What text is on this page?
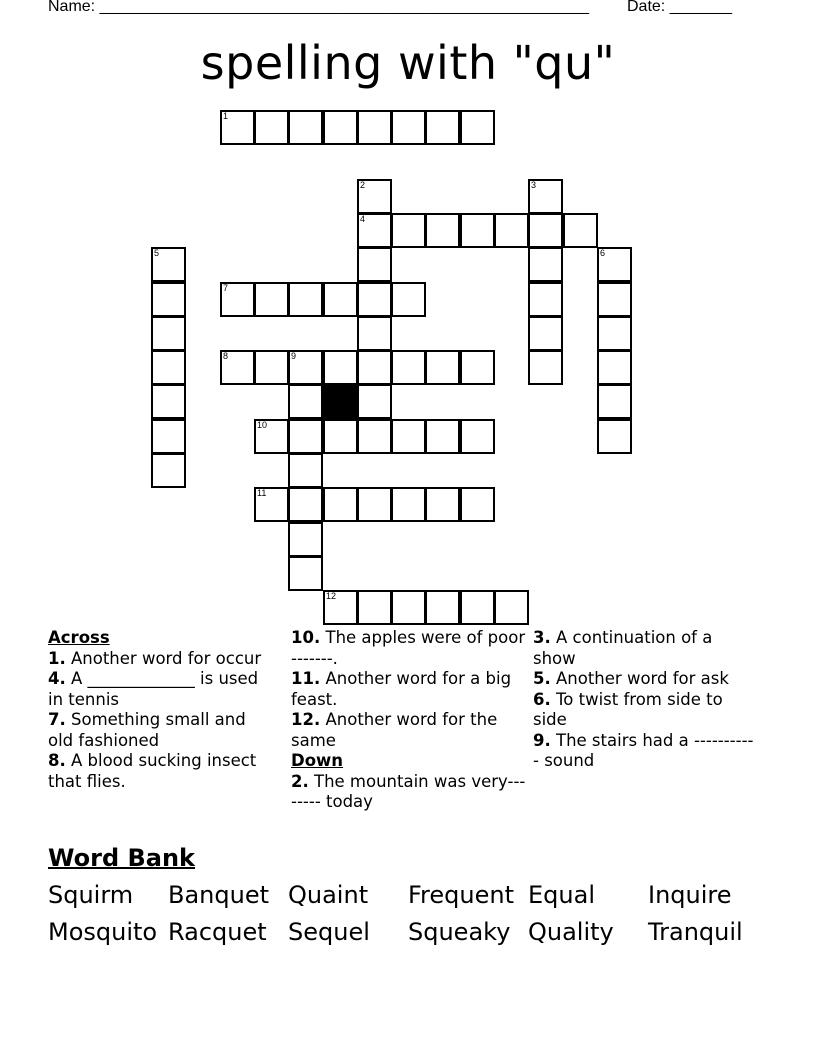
Name: _______________________________________________________ Date: _______
spelling with "qu"
1
2	3
4
5	6
7
8	9
10
11
12
Across

1. Another word for occur

4. A _____________ is used in tennis

7. Something small and old fashioned

8. A blood sucking insect that flies.

10. The apples were of poor -------.

11. Another word for a big feast.

12. Another word for the same

Down

2. The mountain was very-------- today

3. A continuation of a show

5. Another word for ask

6. To twist from side to side

9. The stairs had a ----------- sound

Word Bank
Squirm Banquet Quaint Frequent Equal Inquire
Mosquito Racquet Sequel Squeaky Quality Tranquil
